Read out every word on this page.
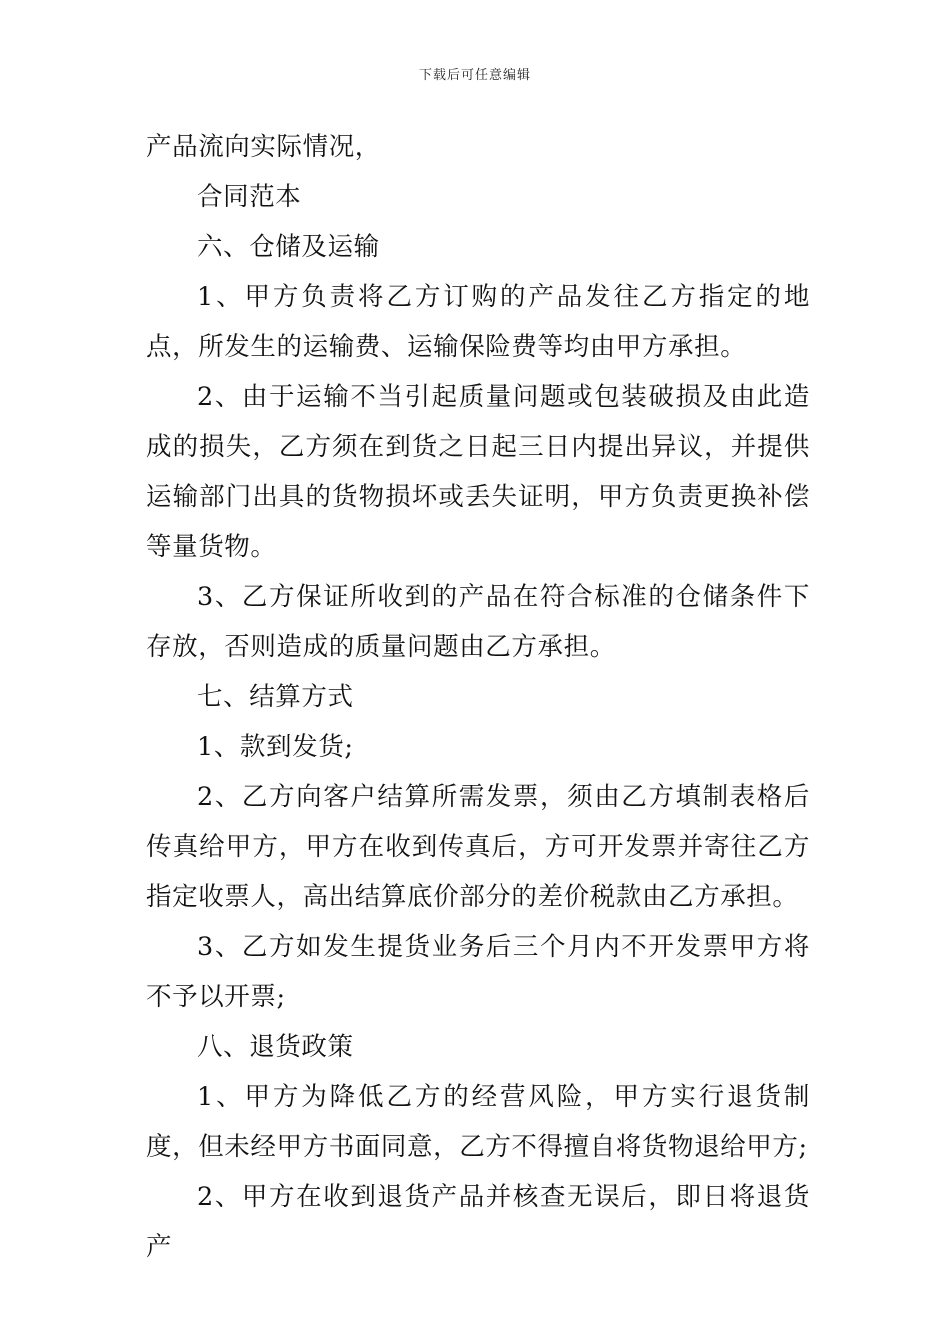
下载后可任意编辑

产品流向实际情况，

合同范本

六、仓储及运输

1、甲方负责将乙方订购的产品发往乙方指定的地点，所发生的运输费、运输保险费等均由甲方承担。

2、由于运输不当引起质量问题或包装破损及由此造成的损失，乙方须在到货之日起三日内提出异议，并提供运输部门出具的货物损坏或丢失证明，甲方负责更换补偿等量货物。

3、乙方保证所收到的产品在符合标准的仓储条件下存放，否则造成的质量问题由乙方承担。

七、结算方式

1、款到发货;

2、乙方向客户结算所需发票，须由乙方填制表格后传真给甲方，甲方在收到传真后，方可开发票并寄往乙方指定收票人，高出结算底价部分的差价税款由乙方承担。

3、乙方如发生提货业务后三个月内不开发票甲方将不予以开票;

八、退货政策

1、甲方为降低乙方的经营风险，甲方实行退货制度，但未经甲方书面同意，乙方不得擅自将货物退给甲方;

2、甲方在收到退货产品并核查无误后，即日将退货产
